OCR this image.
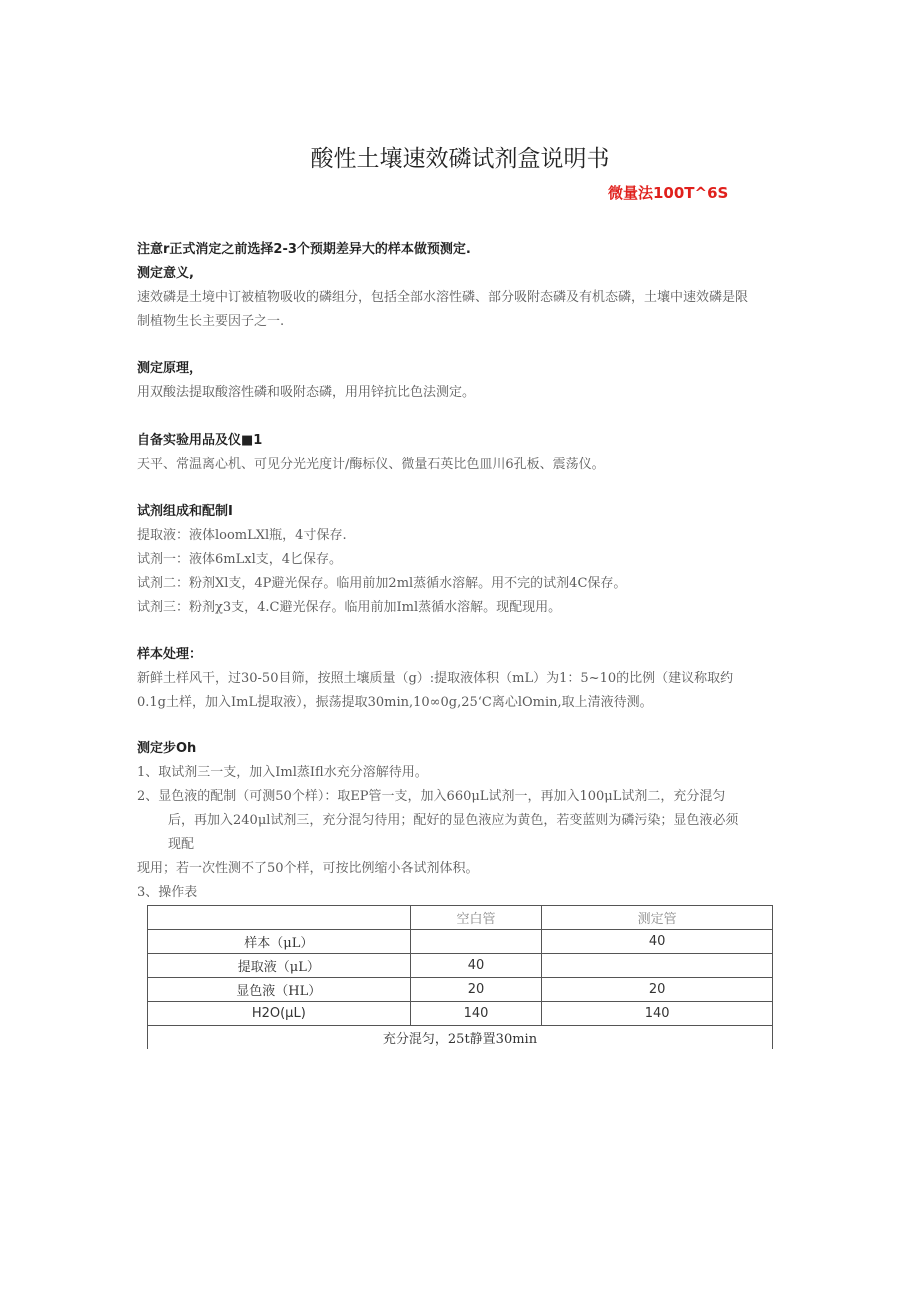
酸性土壤速效磷试剂盒说明书
微量法100T^6S
注意r正式消定之前选择2-3个预期差异大的样本做预测定.
测定意义,
速效磷是土境中订被植物吸收的磷组分，包括全部水溶性磷、部分吸附态磷及有机态磷，土壤中速效磷是限
制植物生长主要因子之一.
测定原理，
用双酸法提取酸溶性磷和吸附态磷，用用锌抗比色法测定。
自备实验用品及仪■1
天平、常温离心机、可见分光光度计/酶标仪、微量石英比色皿川6孔板、震荡仪。
试剂组成和配制I
提取液：液体loomLXl瓶，4寸保存.
试剂一：液体6mLxl支，4匕保存。
试剂二：粉剂Xl支，4P避光保存。临用前加2ml蒸循水溶解。用不完的试剂4C保存。
试剂三：粉剂χ3支，4.C避光保存。临用前加Iml蒸循水溶解。现配现用。
样本处理：
新鲜土样风干，过30-50目筛，按照土壤质量（g）:提取液体积（mL）为1：5~10的比例（建议称取约
0.1g土样，加入ImL提取液），振荡提取30min,10∞0g,25‘C离心lOmin,取上清液待测。
测定步Oh
1、取试剂三一支，加入Iml蒸Ifl水充分溶解待用。
2、显色液的配制（可测50个样）：取EP管一支，加入660μL试剂一，再加入100μL试剂二，充分混匀
后，再加入240μl试剂三，充分混匀待用；配好的显色液应为黄色，若变蓝则为磷污染；显色液必须
现配
现用；若一次性测不了50个样，可按比例缩小各试剂体积。
3、操作表
	空白管	测定管
样本（μL）		40
提取液（μL）	40	
显色液（HL）	20	20
H2O(μL)	140	140
充分混匀，25t静置30min		
